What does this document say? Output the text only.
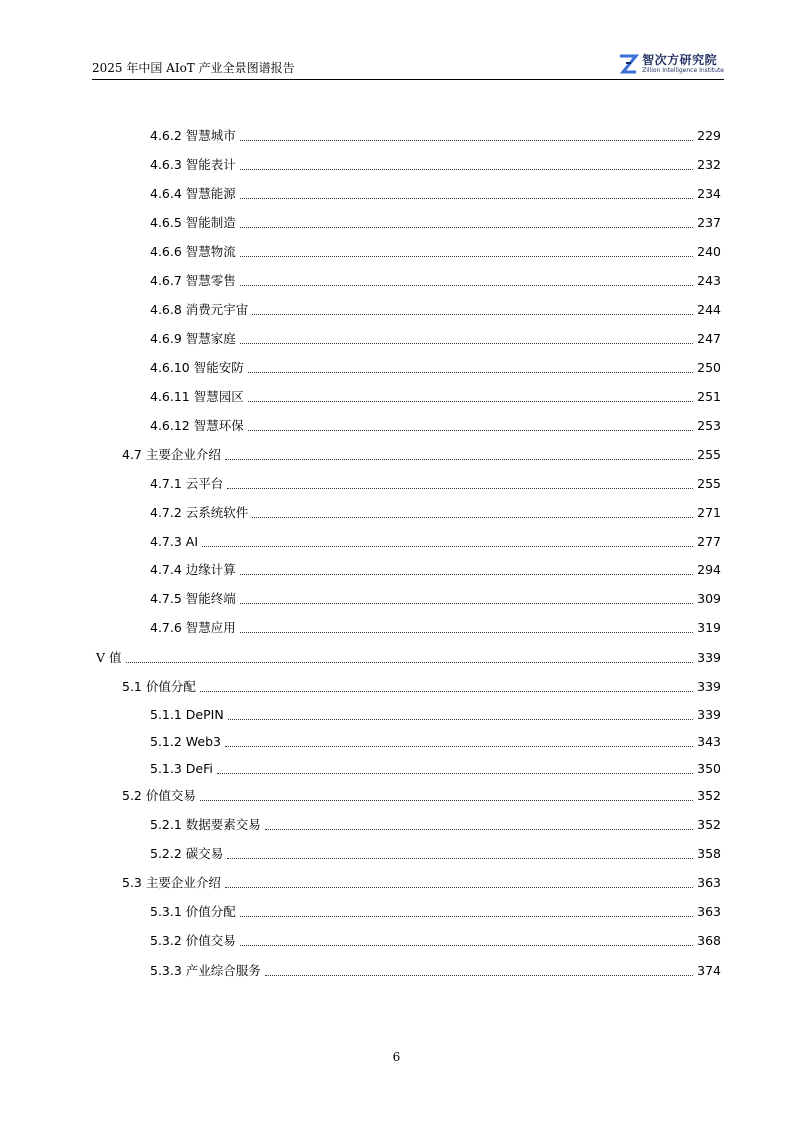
2025 年中国 AIoT 产业全景图谱报告
智次方研究院
Zillion Intelligence Institute
4.6.2 智慧城市	229
4.6.3 智能表计	232
4.6.4 智慧能源	234
4.6.5 智能制造	237
4.6.6 智慧物流	240
4.6.7 智慧零售	243
4.6.8 消费元宇宙	244
4.6.9 智慧家庭	247
4.6.10 智能安防	250
4.6.11 智慧园区	251
4.6.12 智慧环保	253
4.7 主要企业介绍	255
4.7.1 云平台	255
4.7.2 云系统软件	271
4.7.3 AI	277
4.7.4 边缘计算	294
4.7.5 智能终端	309
4.7.6 智慧应用	319
Ⅴ 值	339
5.1 价值分配	339
5.1.1 DePIN	339
5.1.2 Web3	343
5.1.3 DeFi	350
5.2 价值交易	352
5.2.1 数据要素交易	352
5.2.2 碳交易	358
5.3 主要企业介绍	363
5.3.1 价值分配	363
5.3.2 价值交易	368
5.3.3 产业综合服务	374
6
